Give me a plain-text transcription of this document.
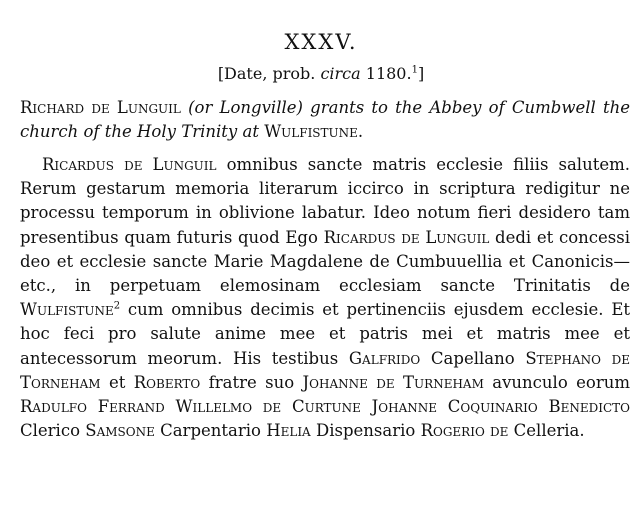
XXXV.
[Date, prob. circa 1180.$^1$]
Richard de Lunguil (or Longville) grants to the Abbey of Cumbwell the church of the Holy Trinity at Wulfistune.
Ricardus de Lunguil omnibus sancte matris ecclesie filiis salutem. Rerum gestarum memoria literarum iccirco in scriptura redigitur ne processu temporum in oblivione labatur. Ideo notum fieri desidero tam presentibus quam futuris quod Ego Ricardus de Lunguil dedi et concessi deo et ecclesie sancte Marie Magdalene de Cumbuuellia et Canonicis—etc., in perpetuam elemosinam ecclesiam sancte Trinitatis de Wulfistune$^2$ cum omnibus decimis et pertinenciis ejusdem ecclesie. Et hoc feci pro salute anime mee et patris mei et matris mee et antecessorum meorum. His testibus Galfrido Capellano Stephano de Torneham et Roberto fratre suo Johanne de Turneham avunculo eorum Radulfo Ferrand Willelmo de Curtune Johanne Coquinario Benedicto Clerico Samsone Carpentario Helia Dispensario Rogerio de Celleria.
